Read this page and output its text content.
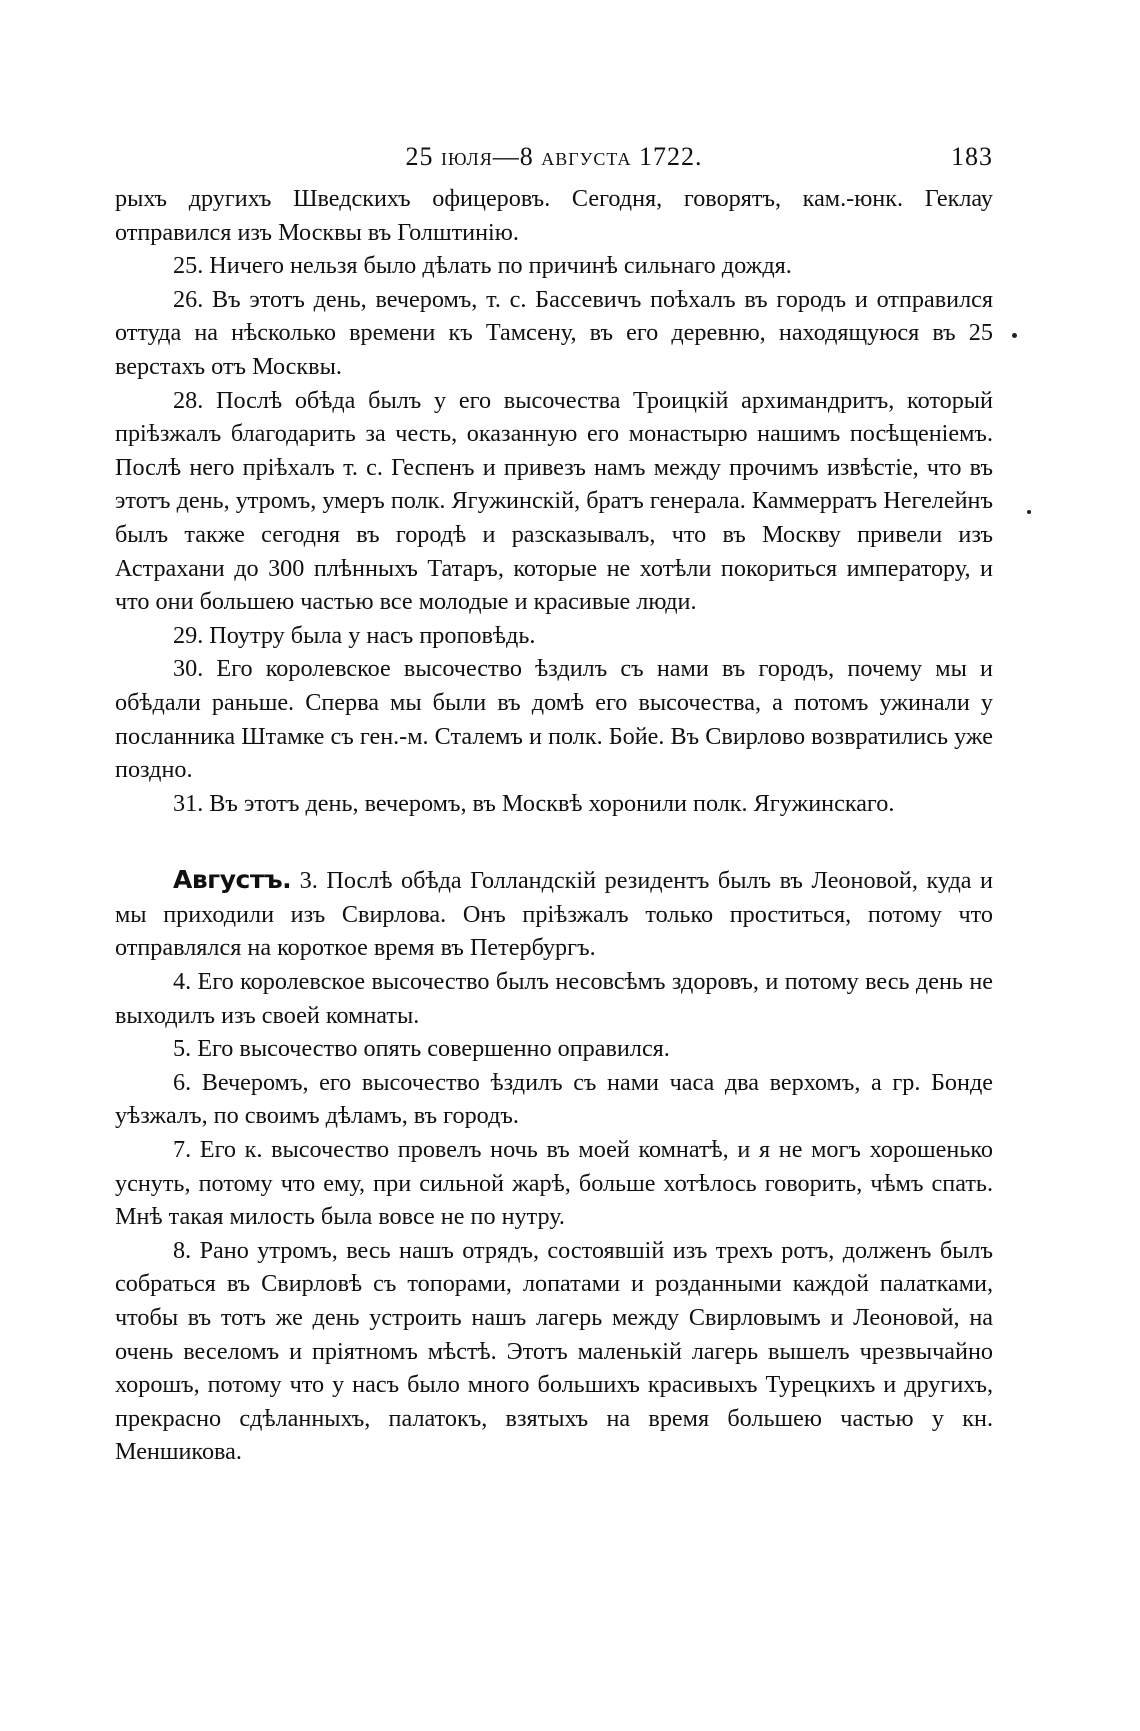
25 іюля—8 августа 1722.	183

рыхъ другихъ Шведскихъ офицеровъ. Сегодня, говорятъ, кам.-юнк. Геклау отправился изъ Москвы въ Голштинію.

25. Ничего нельзя было дѣлать по причинѣ сильнаго дождя.

26. Въ этотъ день, вечеромъ, т. с. Бассевичъ поѣхалъ въ городъ и отправился оттуда на нѣсколько времени къ Тамсену, въ его деревню, находящуюся въ 25 верстахъ отъ Москвы.

28. Послѣ обѣда былъ у его высочества Троицкій архимандритъ, который пріѣзжалъ благодарить за честь, оказанную его монастырю нашимъ посѣщеніемъ. Послѣ него пріѣхалъ т. с. Геспенъ и привезъ намъ между прочимъ извѣстіе, что въ этотъ день, утромъ, умеръ полк. Ягужинскій, братъ генерала. Каммерратъ Негелейнъ былъ также сегодня въ городѣ и разсказывалъ, что въ Москву привели изъ Астрахани до 300 плѣнныхъ Татаръ, которые не хотѣли покориться императору, и что они большею частью все молодые и красивые люди.

29. Поутру была у насъ проповѣдь.

30. Его королевское высочество ѣздилъ съ нами въ городъ, почему мы и обѣдали раньше. Сперва мы были въ домѣ его высочества, а потомъ ужинали у посланника Штамке съ ген.-м. Сталемъ и полк. Бойе. Въ Свирлово возвратились уже поздно.

31. Въ этотъ день, вечеромъ, въ Москвѣ хоронили полк. Ягужинскаго.

Августъ. 3. Послѣ обѣда Голландскій резидентъ былъ въ Леоновой, куда и мы приходили изъ Свирлова. Онъ пріѣзжалъ только проститься, потому что отправлялся на короткое время въ Петербургъ.

4. Его королевское высочество былъ несовсѣмъ здоровъ, и потому весь день не выходилъ изъ своей комнаты.

5. Его высочество опять совершенно оправился.

6. Вечеромъ, его высочество ѣздилъ съ нами часа два верхомъ, а гр. Бонде уѣзжалъ, по своимъ дѣламъ, въ городъ.

7. Его к. высочество провелъ ночь въ моей комнатѣ, и я не могъ хорошенько уснуть, потому что ему, при сильной жарѣ, больше хотѣлось говорить, чѣмъ спать. Мнѣ такая милость была вовсе не по нутру.

8. Рано утромъ, весь нашъ отрядъ, состоявшій изъ трехъ ротъ, долженъ былъ собраться въ Свирловѣ съ топорами, лопатами и розданными каждой палатками, чтобы въ тотъ же день устроить нашъ лагерь между Свирловымъ и Леоновой, на очень веселомъ и пріятномъ мѣстѣ. Этотъ маленькій лагерь вышелъ чрезвычайно хорошъ, потому что у насъ было много большихъ красивыхъ Турецкихъ и другихъ, прекрасно сдѣланныхъ, палатокъ, взятыхъ на время большею частью у кн. Меншикова.
